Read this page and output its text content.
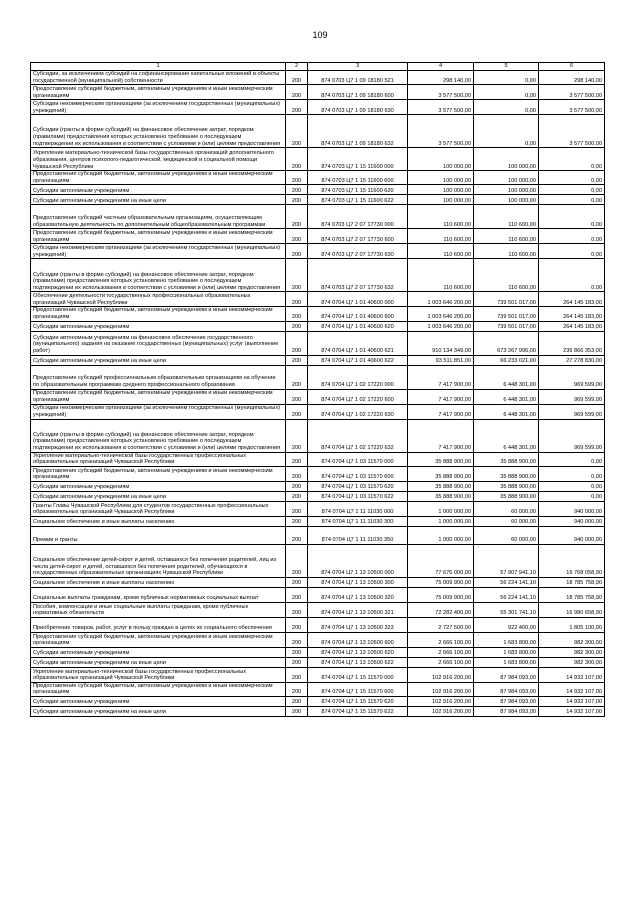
109
1	2	3	4	5	6
Субсидии, за исключением субсидий на софинансирование капитальных вложений в объекты государственной (муниципальной) собственности	200	874 0703 Ц7 1 09 18180 521	298 140,00	0,00	298 140,00
Предоставление субсидий бюджетным, автономным учреждениям и иным некоммерческим организациям	200	874 0703 Ц7 1 09 18180 600	3 577 500,00	0,00	3 577 500,00
Субсидии некоммерческим организациям (за исключением государственных (муниципальных) учреждений)	200	874 0703 Ц7 1 09 18180 630	3 577 500,00	0,00	3 577 500,00
Субсидии (гранты в форме субсидий) на финансовое обеспечение затрат, порядком (правилами) предоставления которых установлено требование о последующем подтверждении их использования в соответствии с условиями и (или) целями предоставления	200	874 0703 Ц7 1 09 18180 632	3 577 500,00	0,00	3 577 500,00
Укрепление материально-технической базы государственных организаций дополнительного образования, центров психолого-педагогической, медицинской и социальной помощи Чувашской Республики	200	874 0703 Ц7 1 15 11600 000	100 000,00	100 000,00	0,00
Предоставление субсидий бюджетным, автономным учреждениям и иным некоммерческим организациям	200	874 0703 Ц7 1 15 11600 600	100 000,00	100 000,00	0,00
Субсидии автономным учреждениям	200	874 0703 Ц7 1 15 11600 620	100 000,00	100 000,00	0,00
Субсидии автономным учреждениям на иные цели	200	874 0703 Ц7 1 15 11600 622	100 000,00	100 000,00	0,00
Предоставление субсидий частным образовательным организациям, осуществляющим образовательную деятельность по дополнительным общеобразовательным программам	200	874 0703 Ц7 2 07 17730 000	110 600,00	110 600,00	0,00
Предоставление субсидий бюджетным, автономным учреждениям и иным некоммерческим организациям	200	874 0703 Ц7 2 07 17730 600	110 600,00	110 600,00	0,00
Субсидии некоммерческим организациям (за исключением государственных (муниципальных) учреждений)	200	874 0703 Ц7 2 07 17730 630	110 600,00	110 600,00	0,00
Субсидии (гранты в форме субсидий) на финансовое обеспечение затрат, порядком (правилами) предоставления которых установлено требование о последующем подтверждении их использования в соответствии с условиями и (или) целями предоставления	200	874 0703 Ц7 2 07 17730 632	110 600,00	110 600,00	0,00
Обеспечение деятельности государственных профессиональных образовательных организаций Чувашской Республики	200	874 0704 Ц7 1 01 40600 000	1 003 646 200,00	739 501 017,00	264 145 183,00
Предоставление субсидий бюджетным, автономным учреждениям и иным некоммерческим организациям	200	874 0704 Ц7 1 01 40600 600	1 003 646 200,00	739 501 017,00	264 145 183,00
Субсидии автономным учреждениям	200	874 0704 Ц7 1 01 40600 620	1 003 646 200,00	739 501 017,00	264 145 183,00
Субсидии автономным учреждениям на финансовое обеспечение государственного (муниципального) задания на оказание государственных (муниципальных) услуг (выполнение работ)	200	874 0704 Ц7 1 01 40600 621	910 134 349,00	673 267 996,00	236 866 353,00
Субсидии автономным учреждениям на иные цели	200	874 0704 Ц7 1 01 40600 622	93 511 851,00	66 233 021,00	27 278 830,00
Предоставление субсидий профессиональным образовательным организациям на обучение по образовательным программам среднего профессионального образования	200	874 0704 Ц7 1 02 17220 000	7 417 900,00	6 448 301,00	969 599,00
Предоставление субсидий бюджетным, автономным учреждениям и иным некоммерческим организациям	200	874 0704 Ц7 1 02 17220 600	7 417 900,00	6 448 301,00	969 599,00
Субсидии некоммерческим организациям (за исключением государственных (муниципальных) учреждений)	200	874 0704 Ц7 1 02 17220 630	7 417 900,00	6 448 301,00	969 599,00
Субсидии (гранты в форме субсидий) на финансовое обеспечение затрат, порядком (правилами) предоставления которых установлено требование о последующем подтверждении их использования в соответствии с условиями и (или) целями предоставления	200	874 0704 Ц7 1 02 17220 632	7 417 900,00	6 448 301,00	969 599,00
Укрепление материально-технической базы государственных профессиональных образовательных организаций Чувашской Республики	200	874 0704 Ц7 1 03 11570 000	35 888 900,00	35 888 900,00	0,00
Предоставление субсидий бюджетным, автономным учреждениям и иным некоммерческим организациям	200	874 0704 Ц7 1 03 11570 600	35 888 900,00	35 888 900,00	0,00
Субсидии автономным учреждениям	200	874 0704 Ц7 1 03 11570 620	35 888 900,00	35 888 900,00	0,00
Субсидии автономным учреждениям на иные цели	200	874 0704 Ц7 1 03 11570 622	35 888 900,00	35 888 900,00	0,00
Гранты Главы Чувашской Республики для студентов государственных профессиональных образовательных организаций Чувашской Республики	200	874 0704 Ц7 1 11 11030 000	1 000 000,00	60 000,00	940 000,00
Социальное обеспечение и иные выплаты населению	200	874 0704 Ц7 1 11 11030 300	1 000 000,00	60 000,00	940 000,00
Премии и гранты	200	874 0704 Ц7 1 11 11030 350	1 000 000,00	60 000,00	940 000,00
Социальное обеспечение детей-сирот и детей, оставшихся без попечения родителей, лиц из числа детей-сирот и детей, оставшихся без попечения родителей, обучающихся в государственных образовательных организациях Чувашской Республики	200	874 0704 Ц7 1 13 10500 000	77 676 000,00	57 907 941,10	19 768 058,90
Социальное обеспечение и иные выплаты населению	200	874 0704 Ц7 1 13 10500 300	75 009 900,00	56 224 141,10	18 785 758,90
Социальные выплаты гражданам, кроме публичных нормативных социальных выплат	200	874 0704 Ц7 1 13 10500 320	75 009 900,00	56 224 141,10	18 785 758,90
Пособия, компенсации и иные социальные выплаты гражданам, кроме публичных нормативных обязательств	200	874 0704 Ц7 1 13 10500 321	72 282 400,00	55 301 741,10	16 980 658,90
Приобретение товаров, работ, услуг в пользу граждан в целях их социального обеспечения	200	874 0704 Ц7 1 13 10500 323	2 727 500,00	922 400,00	1 805 100,00
Предоставление субсидий бюджетным, автономным учреждениям и иным некоммерческим организациям	200	874 0704 Ц7 1 13 10500 600	2 666 100,00	1 683 800,00	982 300,00
Субсидии автономным учреждениям	200	874 0704 Ц7 1 13 10500 620	2 666 100,00	1 683 800,00	982 300,00
Субсидии автономным учреждениям на иные цели	200	874 0704 Ц7 1 13 10500 622	2 666 100,00	1 683 800,00	982 300,00
Укрепление материально-технической базы государственных профессиональных образовательных организаций Чувашской Республики	200	874 0704 Ц7 1 15 11570 000	102 916 200,00	87 984 093,00	14 932 107,00
Предоставление субсидий бюджетным, автономным учреждениям и иным некоммерческим организациям	200	874 0704 Ц7 1 15 11570 600	102 916 200,00	87 984 093,00	14 932 107,00
Субсидии автономным учреждениям	200	874 0704 Ц7 1 15 11570 620	102 916 200,00	87 984 093,00	14 932 107,00
Субсидии автономным учреждениям на иные цели	200	874 0704 Ц7 1 15 11570 622	102 916 200,00	87 984 093,00	14 932 107,00
